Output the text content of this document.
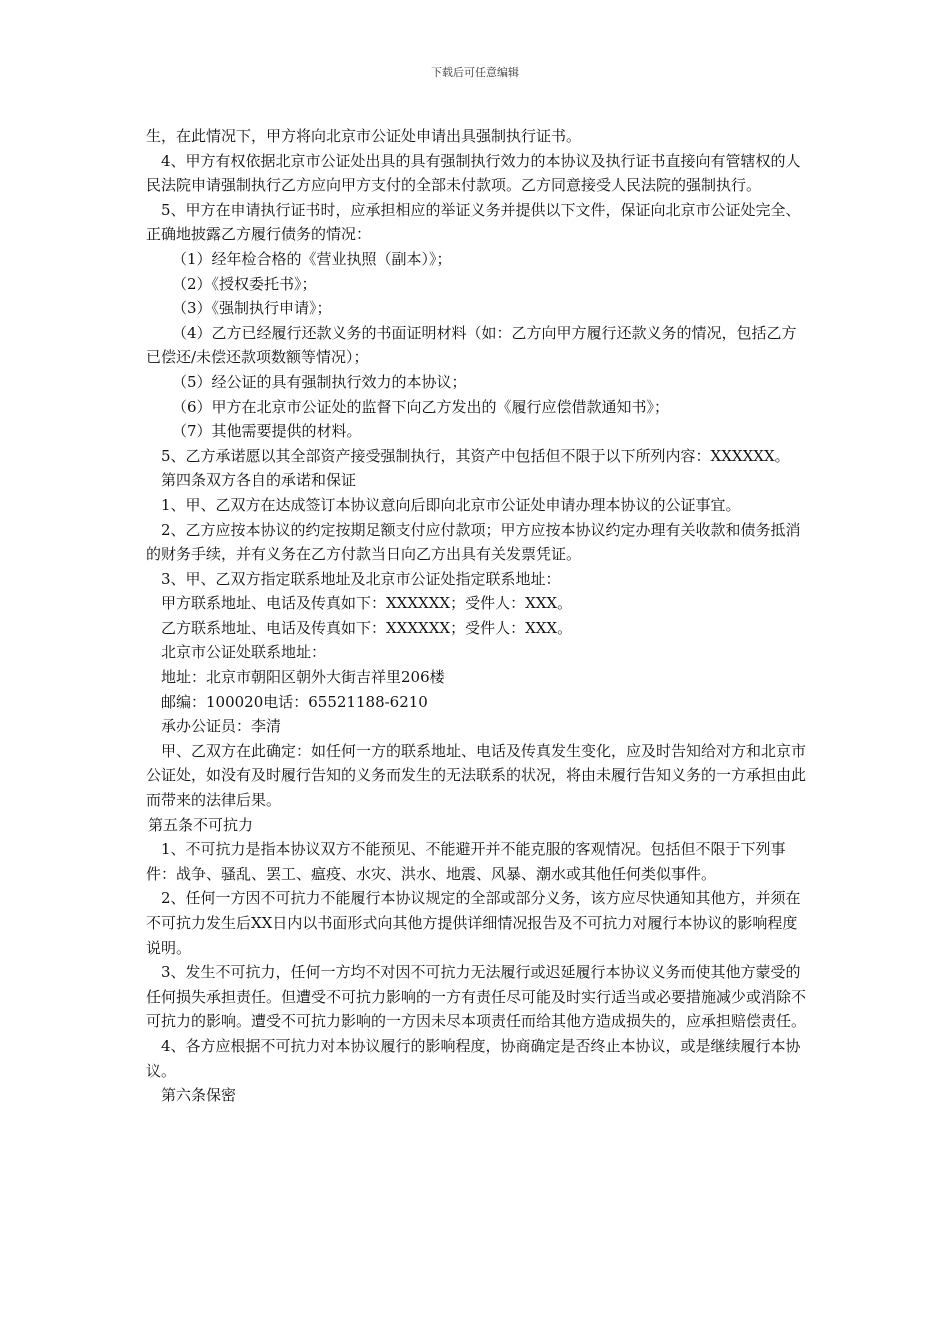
下载后可任意编辑

生，在此情况下，甲方将向北京市公证处申请出具强制执行证书。

4、甲方有权依据北京市公证处出具的具有强制执行效力的本协议及执行证书直接向有管辖权的人民法院申请强制执行乙方应向甲方支付的全部未付款项。乙方同意接受人民法院的强制执行。

5、甲方在申请执行证书时，应承担相应的举证义务并提供以下文件，保证向北京市公证处完全、正确地披露乙方履行债务的情况：

（1）经年检合格的《营业执照（副本）》；

（2）《授权委托书》；

（3）《强制执行申请》；

（4）乙方已经履行还款义务的书面证明材料（如：乙方向甲方履行还款义务的情况，包括乙方已偿还/未偿还款项数额等情况）；

（5）经公证的具有强制执行效力的本协议；

（6）甲方在北京市公证处的监督下向乙方发出的《履行应偿借款通知书》；

（7）其他需要提供的材料。

5、乙方承诺愿以其全部资产接受强制执行，其资产中包括但不限于以下所列内容：XXXXXX。

第四条双方各自的承诺和保证

1、甲、乙双方在达成签订本协议意向后即向北京市公证处申请办理本协议的公证事宜。

2、乙方应按本协议的约定按期足额支付应付款项；甲方应按本协议约定办理有关收款和债务抵消的财务手续，并有义务在乙方付款当日向乙方出具有关发票凭证。

3、甲、乙双方指定联系地址及北京市公证处指定联系地址：

甲方联系地址、电话及传真如下：XXXXXX；受件人：XXX。

乙方联系地址、电话及传真如下：XXXXXX；受件人：XXX。

北京市公证处联系地址：

地址：北京市朝阳区朝外大街吉祥里206楼

邮编：100020电话：65521188-6210

承办公证员：李清

甲、乙双方在此确定：如任何一方的联系地址、电话及传真发生变化，应及时告知给对方和北京市公证处，如没有及时履行告知的义务而发生的无法联系的状况，将由未履行告知义务的一方承担由此而带来的法律后果。

第五条不可抗力

1、不可抗力是指本协议双方不能预见、不能避开并不能克服的客观情况。包括但不限于下列事件：战争、骚乱、罢工、瘟疫、水灾、洪水、地震、风暴、潮水或其他任何类似事件。

2、任何一方因不可抗力不能履行本协议规定的全部或部分义务，该方应尽快通知其他方，并须在不可抗力发生后XX日内以书面形式向其他方提供详细情况报告及不可抗力对履行本协议的影响程度说明。

3、发生不可抗力，任何一方均不对因不可抗力无法履行或迟延履行本协议义务而使其他方蒙受的任何损失承担责任。但遭受不可抗力影响的一方有责任尽可能及时实行适当或必要措施减少或消除不可抗力的影响。遭受不可抗力影响的一方因未尽本项责任而给其他方造成损失的，应承担赔偿责任。

4、各方应根据不可抗力对本协议履行的影响程度，协商确定是否终止本协议，或是继续履行本协议。

第六条保密
